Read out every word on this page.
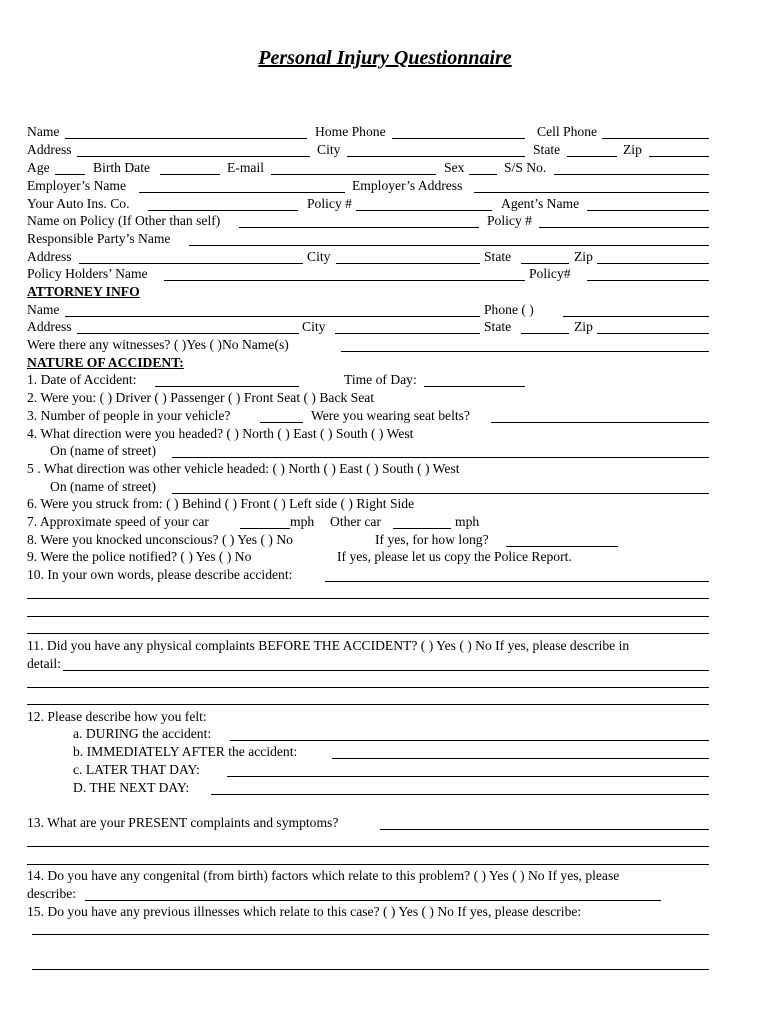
Personal Injury Questionnaire
Name	Home Phone	Cell Phone
Address	City	State	Zip
Age	Birth Date	E-mail	Sex	S/S No.
Employer’s Name	Employer’s Address
Your Auto Ins. Co.	Policy #	Agent’s Name
Name on Policy (If Other than self)	Policy #
Responsible Party’s Name
Address	City	State	Zip
Policy Holders’ Name	Policy#
ATTORNEY INFO
Name	Phone ( )
Address	City	State	Zip
Were there any witnesses? ( )Yes ( )No Name(s)
NATURE OF ACCIDENT:
1. Date of Accident:	Time of Day:
2. Were you: ( ) Driver ( ) Passenger ( ) Front Seat ( ) Back Seat
3. Number of people in your vehicle?	Were you wearing seat belts?
4. What direction were you headed? ( ) North ( ) East ( ) South ( ) West
On (name of street)
5 . What direction was other vehicle headed: ( ) North ( ) East ( ) South ( ) West
On (name of street)
6. Were you struck from: ( ) Behind ( ) Front ( ) Left side ( ) Right Side
7. Approximate speed of your car	mph Other car	mph
8. Were you knocked unconscious? ( ) Yes ( ) No	If yes, for how long?
9. Were the police notified? ( ) Yes ( ) No	If yes, please let us copy the Police Report.
10. In your own words, please describe accident:
11. Did you have any physical complaints BEFORE THE ACCIDENT? ( ) Yes ( ) No If yes, please describe in
detail:
12. Please describe how you felt:
a. DURING the accident:
b. IMMEDIATELY AFTER the accident:
c. LATER THAT DAY:
D. THE NEXT DAY:
13. What are your PRESENT complaints and symptoms?
14. Do you have any congenital (from birth) factors which relate to this problem? ( ) Yes ( ) No If yes, please
describe:
15. Do you have any previous illnesses which relate to this case? ( ) Yes ( ) No If yes, please describe:
